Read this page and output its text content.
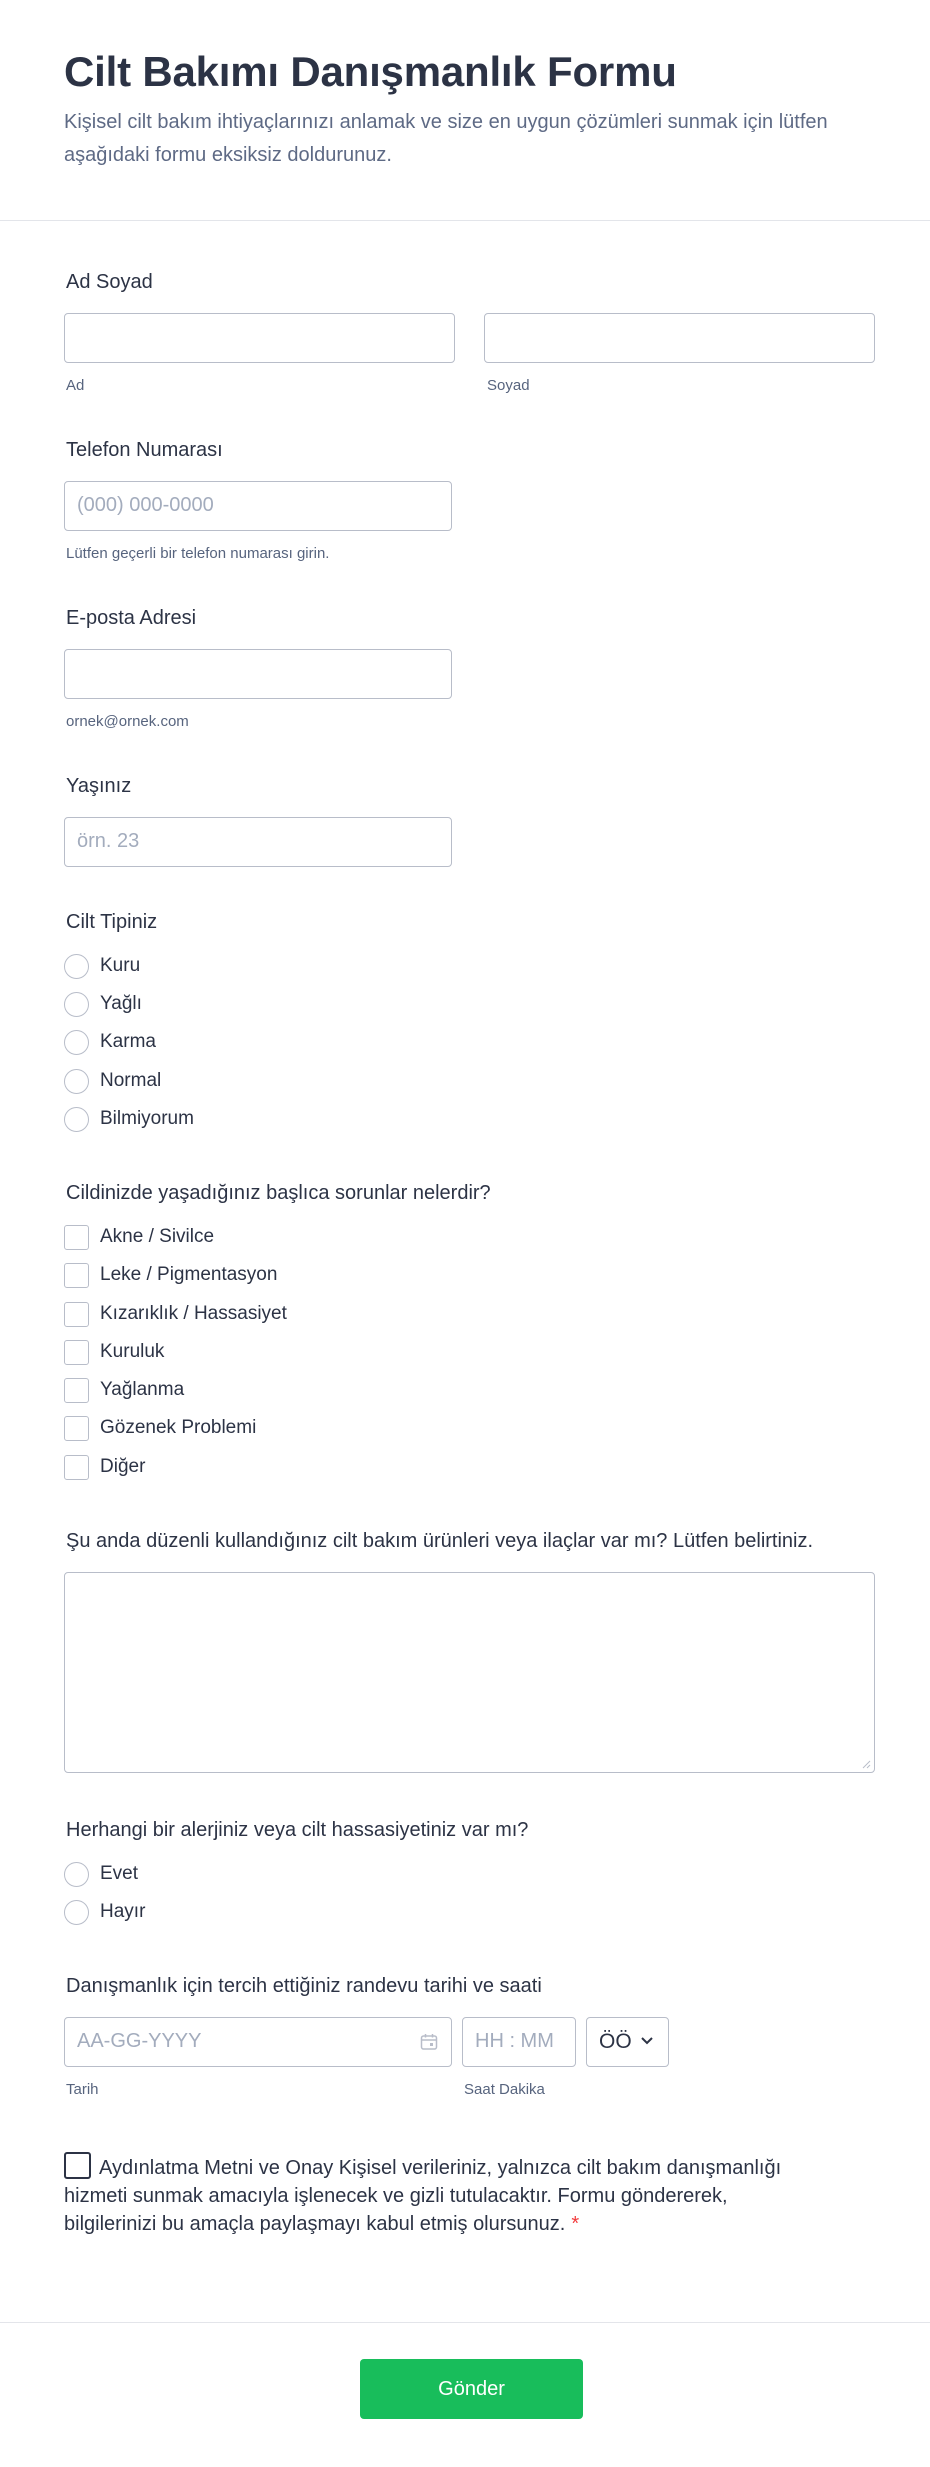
Cilt Bakımı Danışmanlık Formu

Kişisel cilt bakım ihtiyaçlarınızı anlamak ve size en uygun çözümleri sunmak için lütfen aşağıdaki formu eksiksiz doldurunuz.

Ad Soyad
Ad	Soyad
Telefon Numarası
(000) 000-0000
Lütfen geçerli bir telefon numarası girin.
E-posta Adresi
ornek@ornek.com
Yaşınız
örn. 23
Cilt Tipiniz
Kuru
Yağlı
Karma
Normal
Bilmiyorum
Cildinizde yaşadığınız başlıca sorunlar nelerdir?
Akne / Sivilce
Leke / Pigmentasyon
Kızarıklık / Hassasiyet
Kuruluk
Yağlanma
Gözenek Problemi
Diğer
Şu anda düzenli kullandığınız cilt bakım ürünleri veya ilaçlar var mı? Lütfen belirtiniz.
Herhangi bir alerjiniz veya cilt hassasiyetiniz var mı?
Evet
Hayır
Danışmanlık için tercih ettiğiniz randevu tarihi ve saati
AA-GG-YYYY	HH : MM	ÖÖ
Tarih	Saat Dakika
Aydınlatma Metni ve Onay Kişisel verileriniz, yalnızca cilt bakım danışmanlığı hizmeti sunmak amacıyla işlenecek ve gizli tutulacaktır. Formu göndererek, bilgilerinizi bu amaçla paylaşmayı kabul etmiş olursunuz. *
Gönder
